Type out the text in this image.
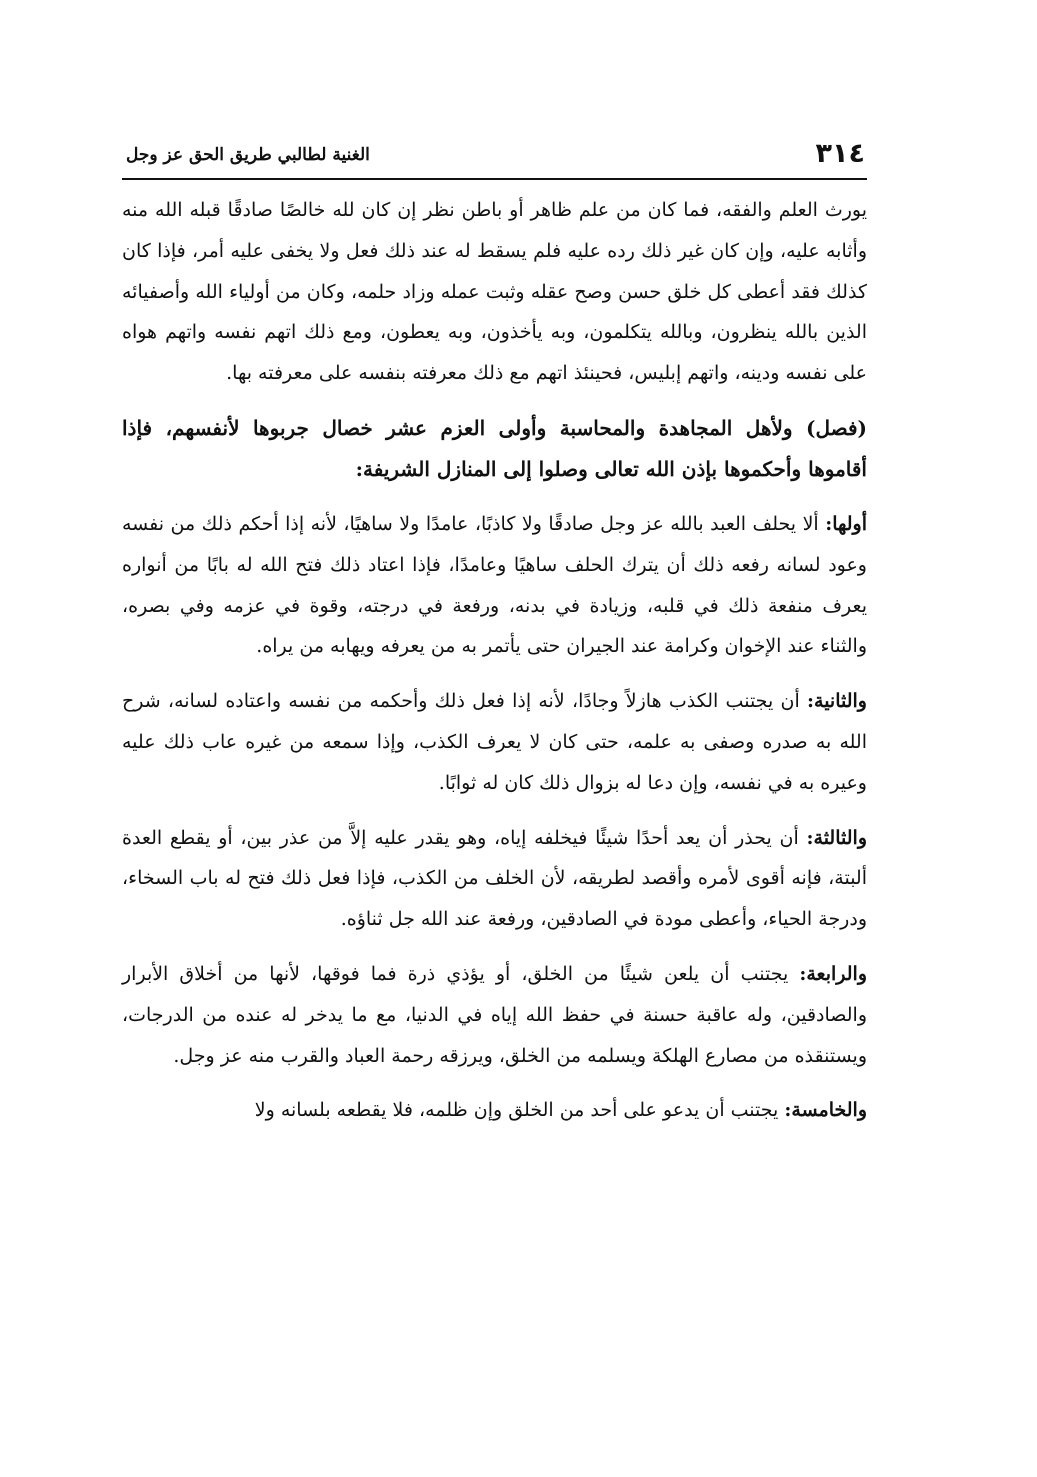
٣١٤
الغنية لطالبي طريق الحق عز وجل

يورث العلم والفقه، فما كان من علم ظاهر أو باطن نظر إن كان لله خالصًا صادقًا قبله الله منه وأثابه عليه، وإن كان غير ذلك رده عليه فلم يسقط له عند ذلك فعل ولا يخفى عليه أمر، فإذا كان كذلك فقد أعطى كل خلق حسن وصح عقله وثبت عمله وزاد حلمه، وكان من أولياء الله وأصفيائه الذين بالله ينظرون، وبالله يتكلمون، وبه يأخذون، وبه يعطون، ومع ذلك اتهم نفسه واتهم هواه على نفسه ودينه، واتهم إبليس، فحينئذ اتهم مع ذلك معرفته بنفسه على معرفته بها.

(فصل) ولأهل المجاهدة والمحاسبة وأولى العزم عشر خصال جربوها لأنفسهم، فإذا أقاموها وأحكموها بإذن الله تعالى وصلوا إلى المنازل الشريفة:

أولها: ألا يحلف العبد بالله عز وجل صادقًا ولا كاذبًا، عامدًا ولا ساهيًا، لأنه إذا أحكم ذلك من نفسه وعود لسانه رفعه ذلك أن يترك الحلف ساهيًا وعامدًا، فإذا اعتاد ذلك فتح الله له بابًا من أنواره يعرف منفعة ذلك في قلبه، وزيادة في بدنه، ورفعة في درجته، وقوة في عزمه وفي بصره، والثناء عند الإخوان وكرامة عند الجيران حتى يأتمر به من يعرفه ويهابه من يراه.

والثانية: أن يجتنب الكذب هازلاً وجادًا، لأنه إذا فعل ذلك وأحكمه من نفسه واعتاده لسانه، شرح الله به صدره وصفى به علمه، حتى كان لا يعرف الكذب، وإذا سمعه من غيره عاب ذلك عليه وعيره به في نفسه، وإن دعا له بزوال ذلك كان له ثوابًا.

والثالثة: أن يحذر أن يعد أحدًا شيئًا فيخلفه إياه، وهو يقدر عليه إلاَّ من عذر بين، أو يقطع العدة ألبتة، فإنه أقوى لأمره وأقصد لطريقه، لأن الخلف من الكذب، فإذا فعل ذلك فتح له باب السخاء، ودرجة الحياء، وأعطى مودة في الصادقين، ورفعة عند الله جل ثناؤه.

والرابعة: يجتنب أن يلعن شيئًا من الخلق، أو يؤذي ذرة فما فوقها، لأنها من أخلاق الأبرار والصادقين، وله عاقبة حسنة في حفظ الله إياه في الدنيا، مع ما يدخر له عنده من الدرجات، ويستنقذه من مصارع الهلكة ويسلمه من الخلق، ويرزقه رحمة العباد والقرب منه عز وجل.

والخامسة: يجتنب أن يدعو على أحد من الخلق وإن ظلمه، فلا يقطعه بلسانه ولا
